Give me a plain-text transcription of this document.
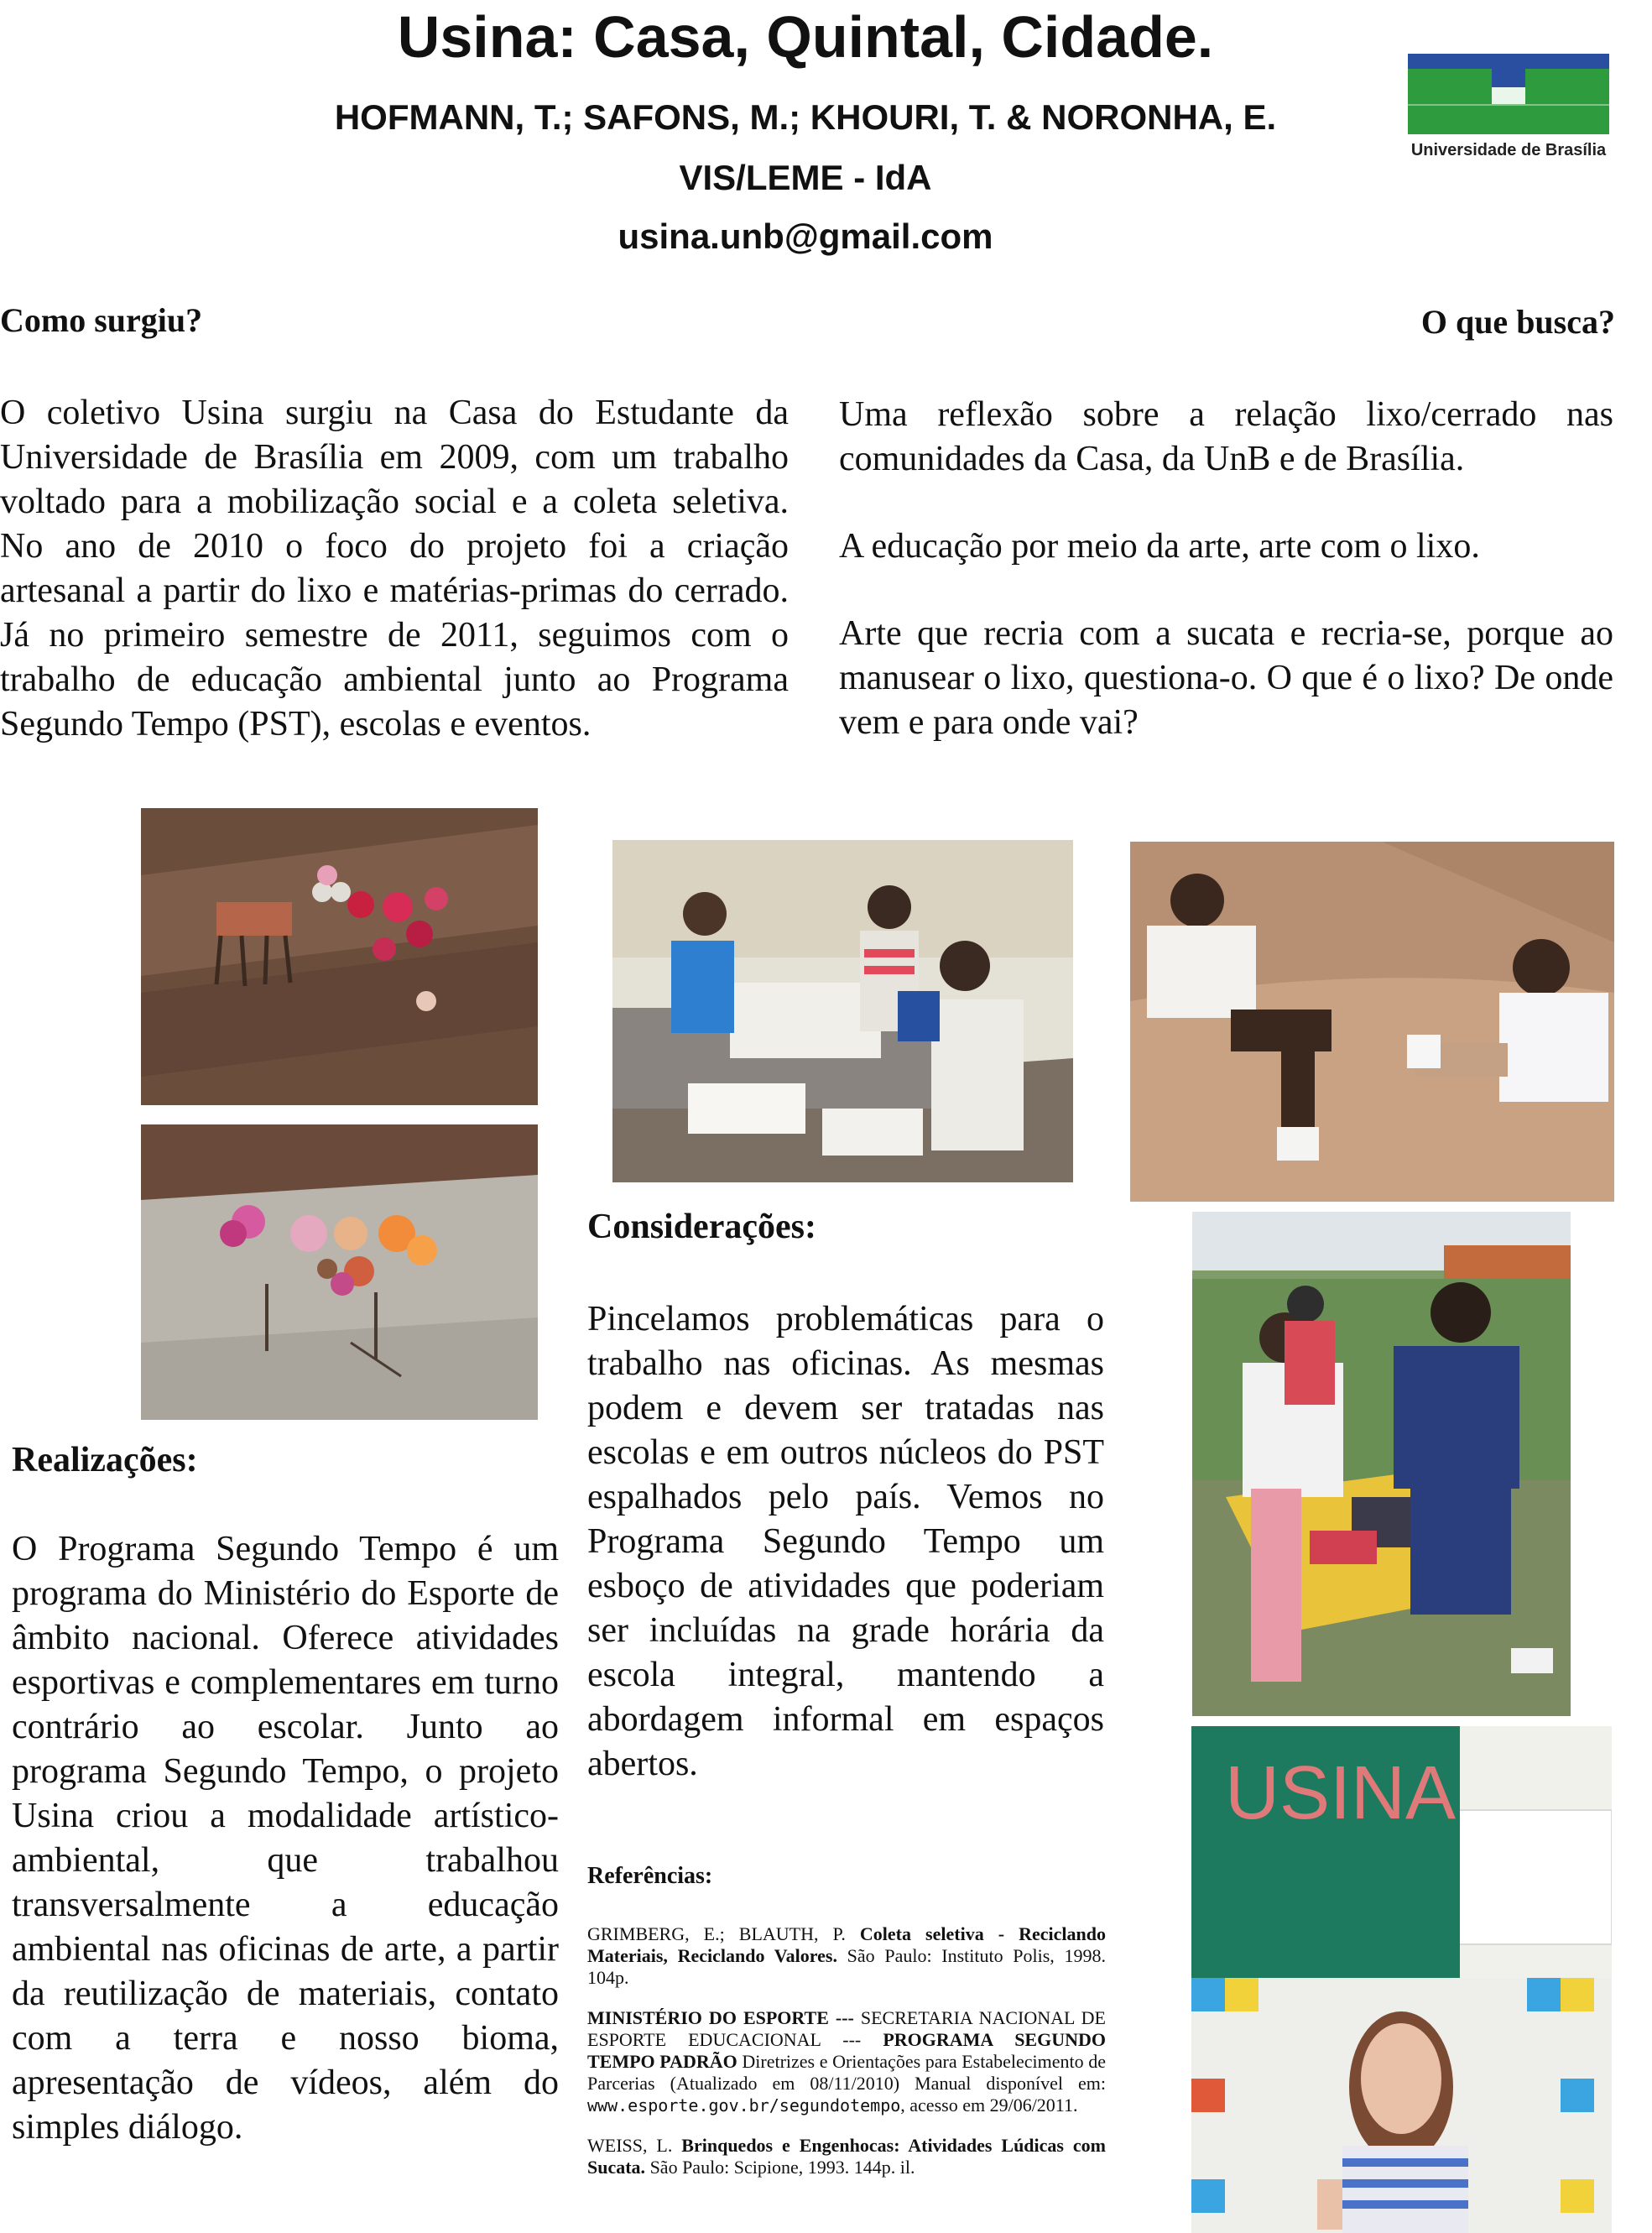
Usina: Casa, Quintal, Cidade.
HOFMANN, T.; SAFONS, M.; KHOURI, T. & NORONHA, E.
VIS/LEME - IdA
usina.unb@gmail.com
Universidade de Brasília
Como surgiu?
O coletivo Usina surgiu na Casa do Estudante da Universidade de Brasília em 2009, com um trabalho voltado para a mobilização social e a coleta seletiva. No ano de 2010 o foco do projeto foi a criação artesanal a partir do lixo e matérias-primas do cerrado. Já no primeiro semestre de 2011, seguimos com o trabalho de educação ambiental junto ao Programa Segundo Tempo (PST), escolas e eventos.
O que busca?

Uma reflexão sobre a relação lixo/cerrado nas comunidades da Casa, da UnB e de Brasília.

A educação por meio da arte, arte com o lixo.

Arte que recria com a sucata e recria-se, porque ao manusear o lixo, questiona-o. O que é o lixo? De onde vem e para onde vai?

USINA
Considerações:
Pincelamos problemáticas para o trabalho nas oficinas. As mesmas podem e devem ser tratadas nas escolas e em outros núcleos do PST espalhados pelo país. Vemos no Programa Segundo Tempo um esboço de atividades que poderiam ser incluídas na grade horária da escola integral, mantendo a abordagem informal em espaços abertos.
Realizações:
O Programa Segundo Tempo é um programa do Ministério do Esporte de âmbito nacional. Oferece atividades esportivas e complementares em turno contrário ao escolar. Junto ao programa Segundo Tempo, o projeto Usina criou a modalidade artístico-ambiental, que trabalhou transversalmente a educação ambiental nas oficinas de arte, a partir da reutilização de materiais, contato com a terra e nosso bioma, apresentação de vídeos, além do simples diálogo.
Referências:

GRIMBERG, E.; BLAUTH, P. Coleta seletiva - Reciclando Materiais, Reciclando Valores. São Paulo: Instituto Polis, 1998. 104p.

MINISTÉRIO DO ESPORTE --- SECRETARIA NACIONAL DE ESPORTE EDUCACIONAL --- PROGRAMA SEGUNDO TEMPO PADRÃO Diretrizes e Orientações para Estabelecimento de Parcerias (Atualizado em 08/11/2010) Manual disponível em: www.esporte.gov.br/segundotempo, acesso em 29/06/2011.

WEISS, L. Brinquedos e Engenhocas: Atividades Lúdicas com Sucata. São Paulo: Scipione, 1993. 144p. il.
